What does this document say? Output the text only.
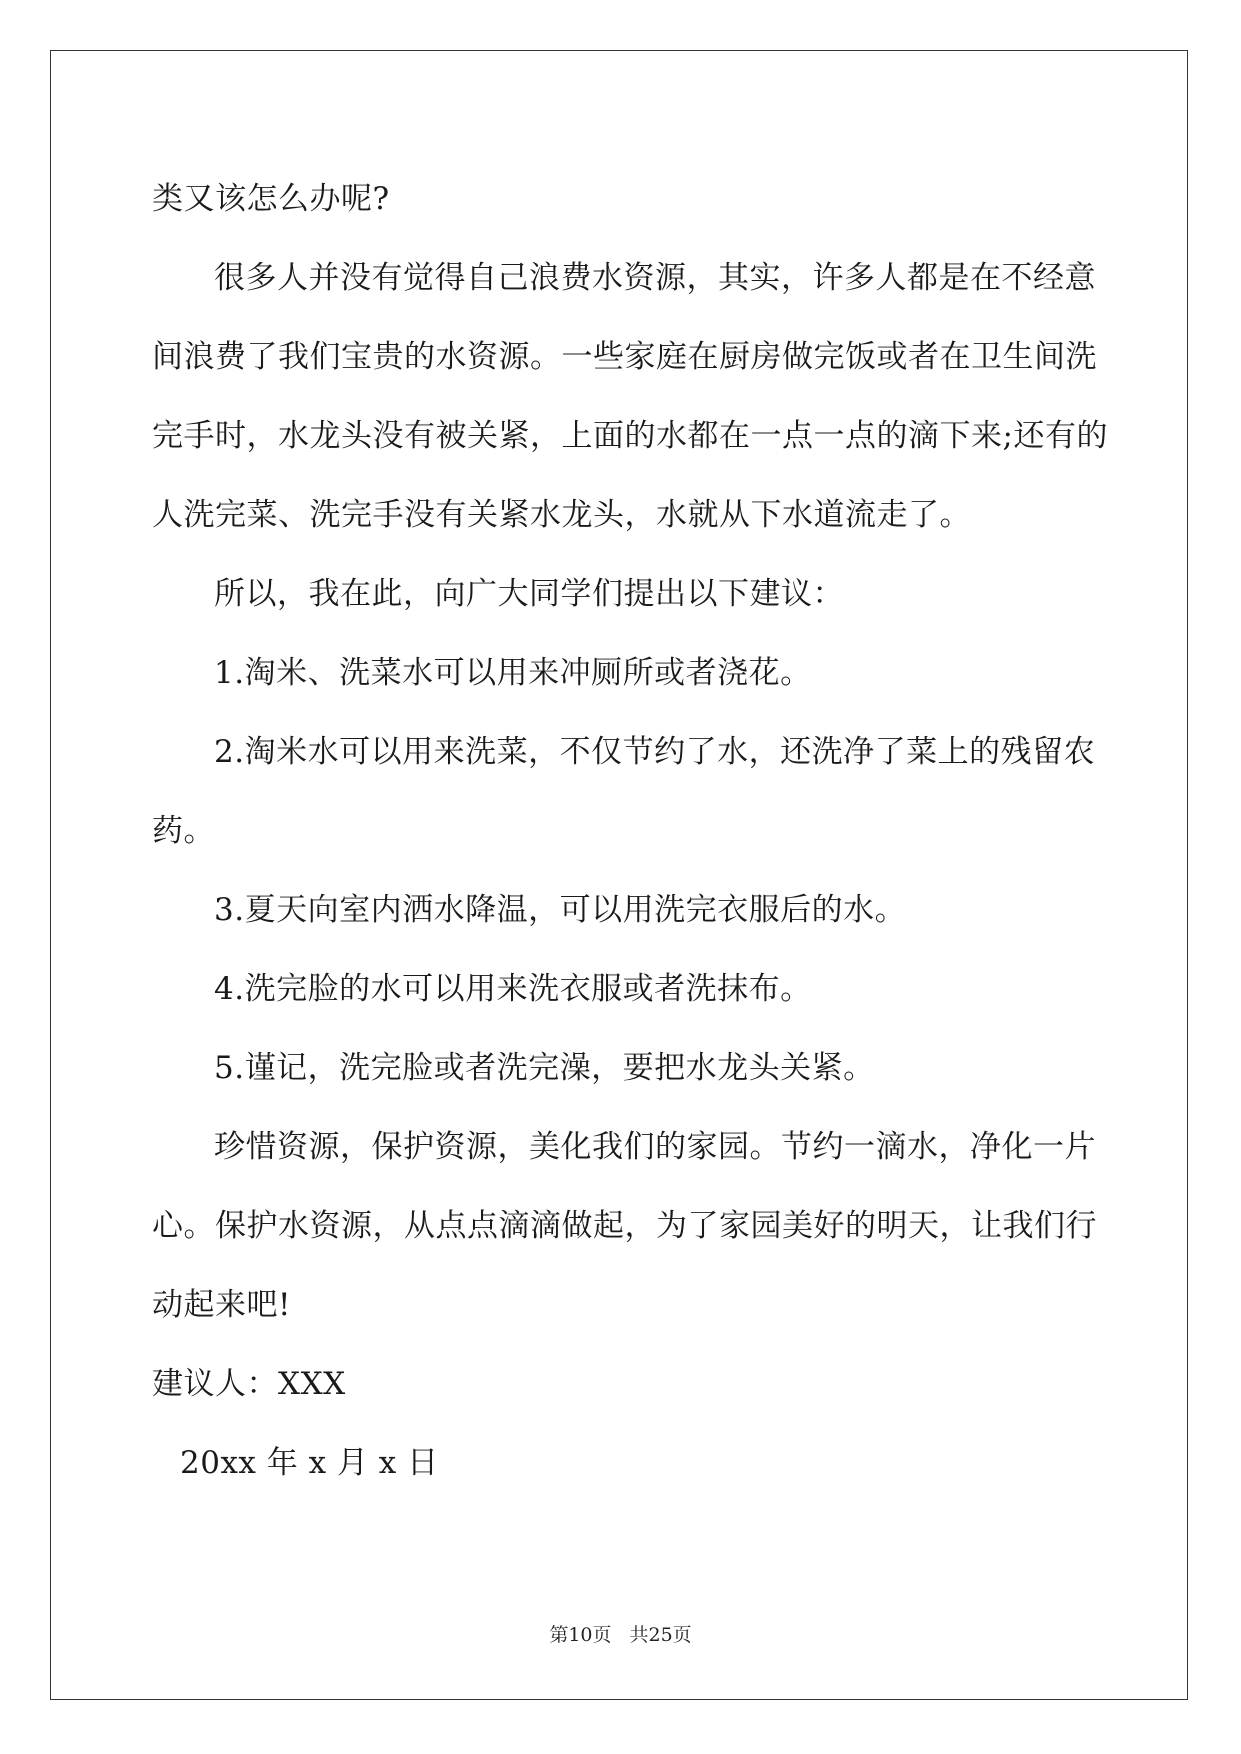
类又该怎么办呢?
很多人并没有觉得自己浪费水资源，其实，许多人都是在不经意
间浪费了我们宝贵的水资源。一些家庭在厨房做完饭或者在卫生间洗
完手时，水龙头没有被关紧，上面的水都在一点一点的滴下来;还有的
人洗完菜、洗完手没有关紧水龙头，水就从下水道流走了。
所以，我在此，向广大同学们提出以下建议：
1.淘米、洗菜水可以用来冲厕所或者浇花。
2.淘米水可以用来洗菜，不仅节约了水，还洗净了菜上的残留农
药。
3.夏天向室内洒水降温，可以用洗完衣服后的水。
4.洗完脸的水可以用来洗衣服或者洗抹布。
5.谨记，洗完脸或者洗完澡，要把水龙头关紧。
珍惜资源，保护资源，美化我们的家园。节约一滴水，净化一片
心。保护水资源，从点点滴滴做起，为了家园美好的明天，让我们行
动起来吧!
建议人：XXX
20xx 年 x 月 x 日
第10页 共25页
